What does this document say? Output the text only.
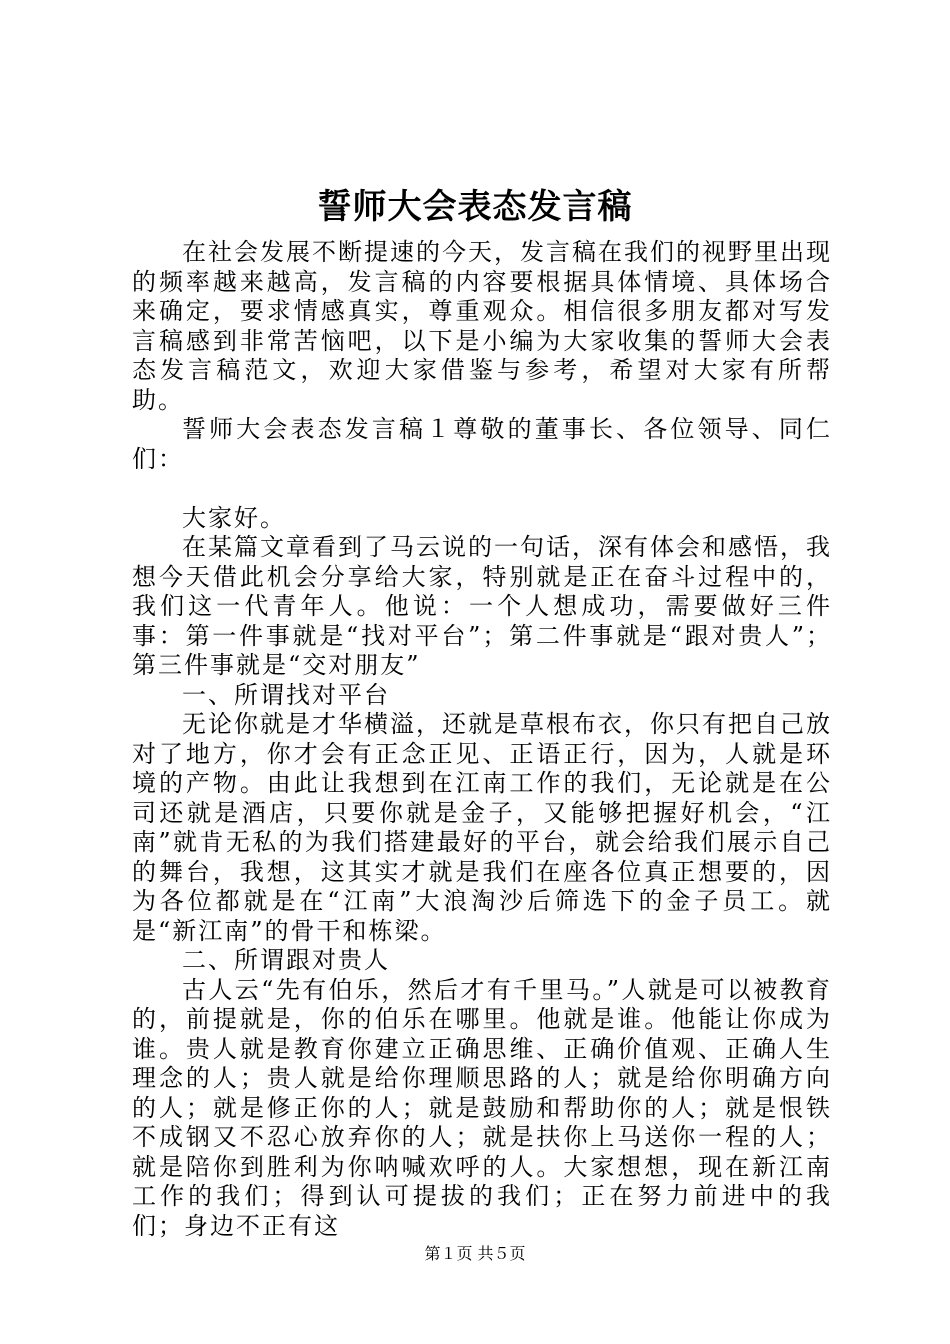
誓师大会表态发言稿

在社会发展不断提速的今天，发言稿在我们的视野里出现的频率越来越高，发言稿的内容要根据具体情境、具体场合来确定，要求情感真实，尊重观众。相信很多朋友都对写发言稿感到非常苦恼吧，以下是小编为大家收集的誓师大会表态发言稿范文，欢迎大家借鉴与参考，希望对大家有所帮助。

誓师大会表态发言稿１尊敬的董事长、各位领导、同仁们：

大家好。

在某篇文章看到了马云说的一句话，深有体会和感悟，我想今天借此机会分享给大家，特别就是正在奋斗过程中的，我们这一代青年人。他说：一个人想成功，需要做好三件事：第一件事就是“找对平台”；第二件事就是“跟对贵人”；第三件事就是“交对朋友”

一、所谓找对平台

无论你就是才华横溢，还就是草根布衣，你只有把自己放对了地方，你才会有正念正见、正语正行，因为，人就是环境的产物。由此让我想到在江南工作的我们，无论就是在公司还就是酒店，只要你就是金子，又能够把握好机会，“江南”就肯无私的为我们搭建最好的平台，就会给我们展示自己的舞台，我想，这其实才就是我们在座各位真正想要的，因为各位都就是在“江南”大浪淘沙后筛选下的金子员工。就是“新江南”的骨干和栋梁。

二、所谓跟对贵人

古人云“先有伯乐，然后才有千里马。”人就是可以被教育的，前提就是，你的伯乐在哪里。他就是谁。他能让你成为谁。贵人就是教育你建立正确思维、正确价值观、正确人生理念的人；贵人就是给你理顺思路的人；就是给你明确方向的人；就是修正你的人；就是鼓励和帮助你的人；就是恨铁不成钢又不忍心放弃你的人；就是扶你上马送你一程的人；就是陪你到胜利为你呐喊欢呼的人。大家想想，现在新江南工作的我们；得到认可提拔的我们；正在努力前进中的我们；身边不正有这

第１页 共５页
